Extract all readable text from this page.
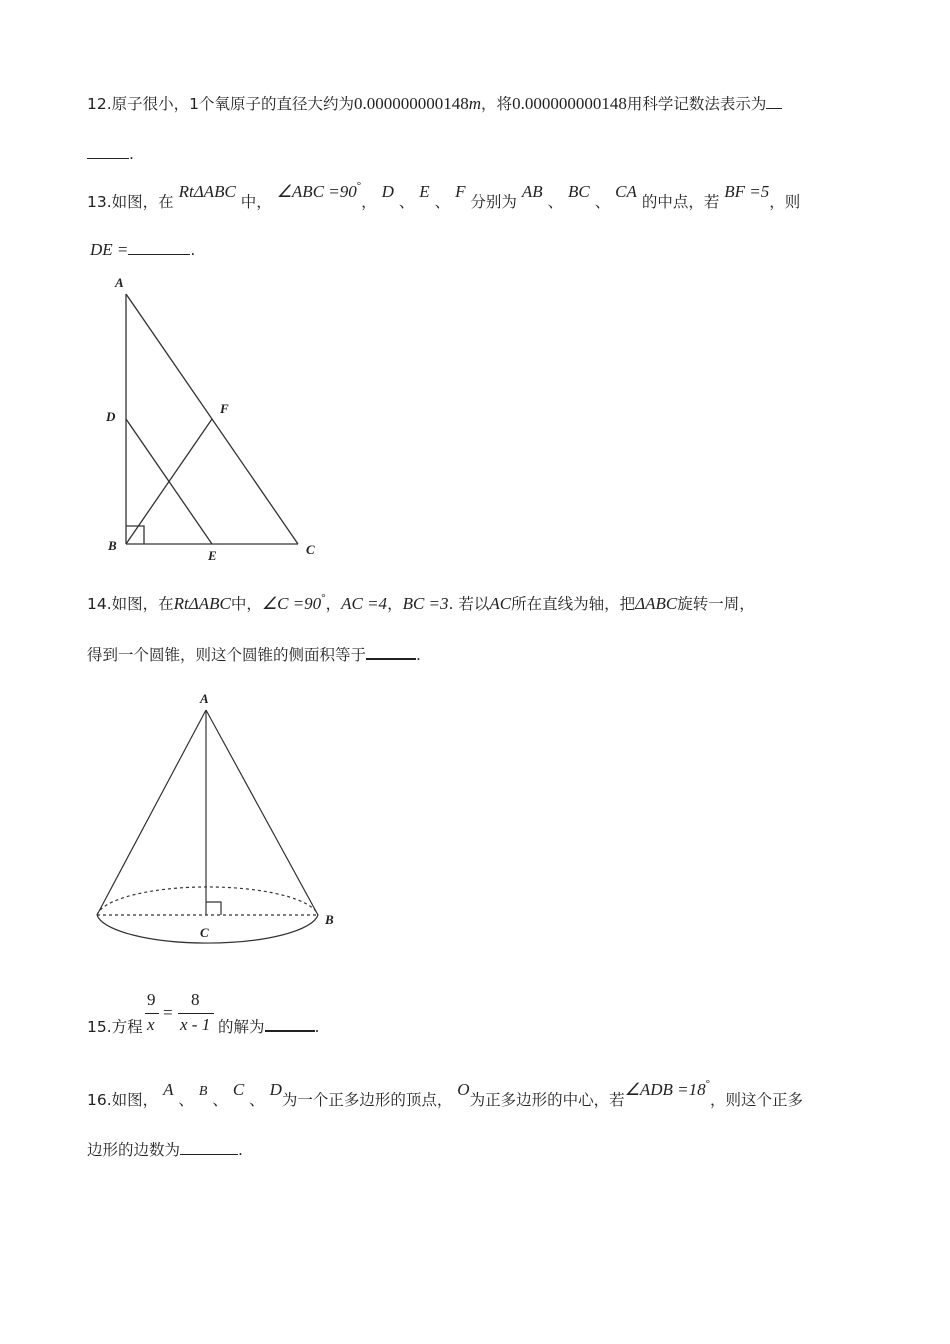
12.原子很小，1个氧原子的直径大约为0.000000000148m，将0.000000000148用科学记数法表示为
.
13.如图，在 RtΔABC 中， ∠ABC =90°， D 、 E 、 F 分别为 AB 、 BC 、 CA 的中点，若 BF =5，则
DE =	.
A
D
F
B
E	C
14.如图，在RtΔABC中，∠C =90°，AC =4，BC =3. 若以AC所在直线为轴，把ΔABC旋转一周，
得到一个圆锥，则这个圆锥的侧面积等于	.
A
C
B
15.方程
9
x
=
8
x - 1 的解为	.
16.如图， A 、 B 、 C 、 D为一个正多边形的顶点， O为正多边形的中心，若∠ADB =18°，则这个正多
边形的边数为	.
